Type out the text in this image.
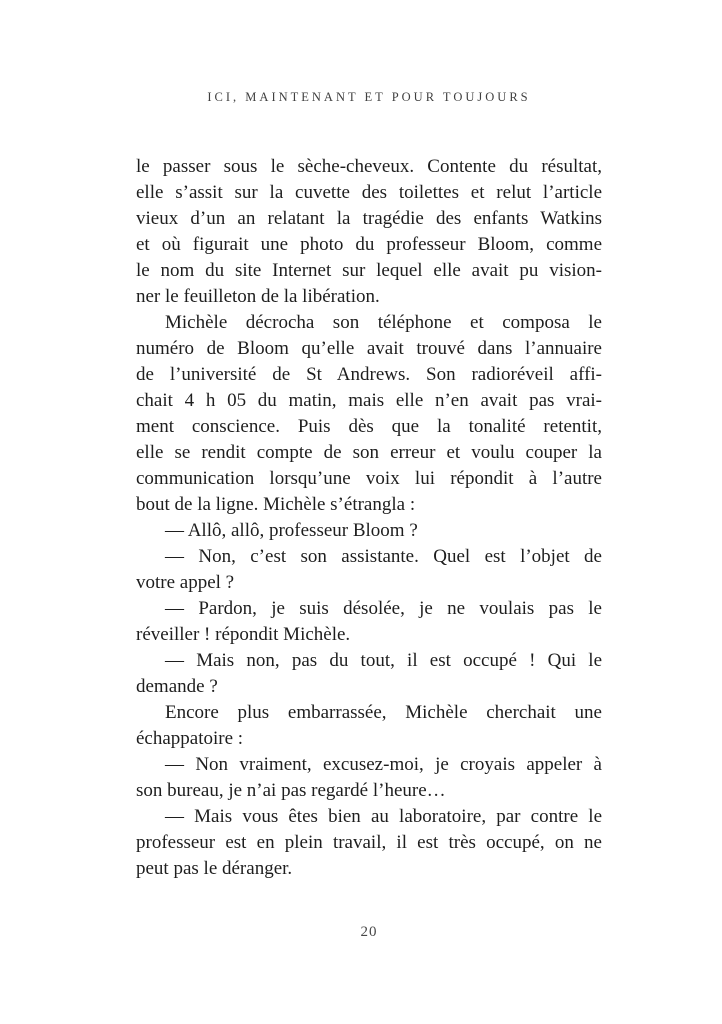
ICI, MAINTENANT ET POUR TOUJOURS
le passer sous le sèche-cheveux. Contente du résultat,
elle s’assit sur la cuvette des toilettes et relut l’article
vieux d’un an relatant la tragédie des enfants Watkins
et où figurait une photo du professeur Bloom, comme
le nom du site Internet sur lequel elle avait pu vision-
ner le feuilleton de la libération.
Michèle décrocha son téléphone et composa le
numéro de Bloom qu’elle avait trouvé dans l’annuaire
de l’université de St Andrews. Son radioréveil affi-
chait 4 h 05 du matin, mais elle n’en avait pas vrai-
ment conscience. Puis dès que la tonalité retentit,
elle se rendit compte de son erreur et voulu couper la
communication lorsqu’une voix lui répondit à l’autre
bout de la ligne. Michèle s’étrangla :
— Allô, allô, professeur Bloom ?
— Non, c’est son assistante. Quel est l’objet de
votre appel ?
— Pardon, je suis désolée, je ne voulais pas le
réveiller ! répondit Michèle.
— Mais non, pas du tout, il est occupé ! Qui le
demande ?
Encore plus embarrassée, Michèle cherchait une
échappatoire :
— Non vraiment, excusez-moi, je croyais appeler à
son bureau, je n’ai pas regardé l’heure…
— Mais vous êtes bien au laboratoire, par contre le
professeur est en plein travail, il est très occupé, on ne
peut pas le déranger.
20
